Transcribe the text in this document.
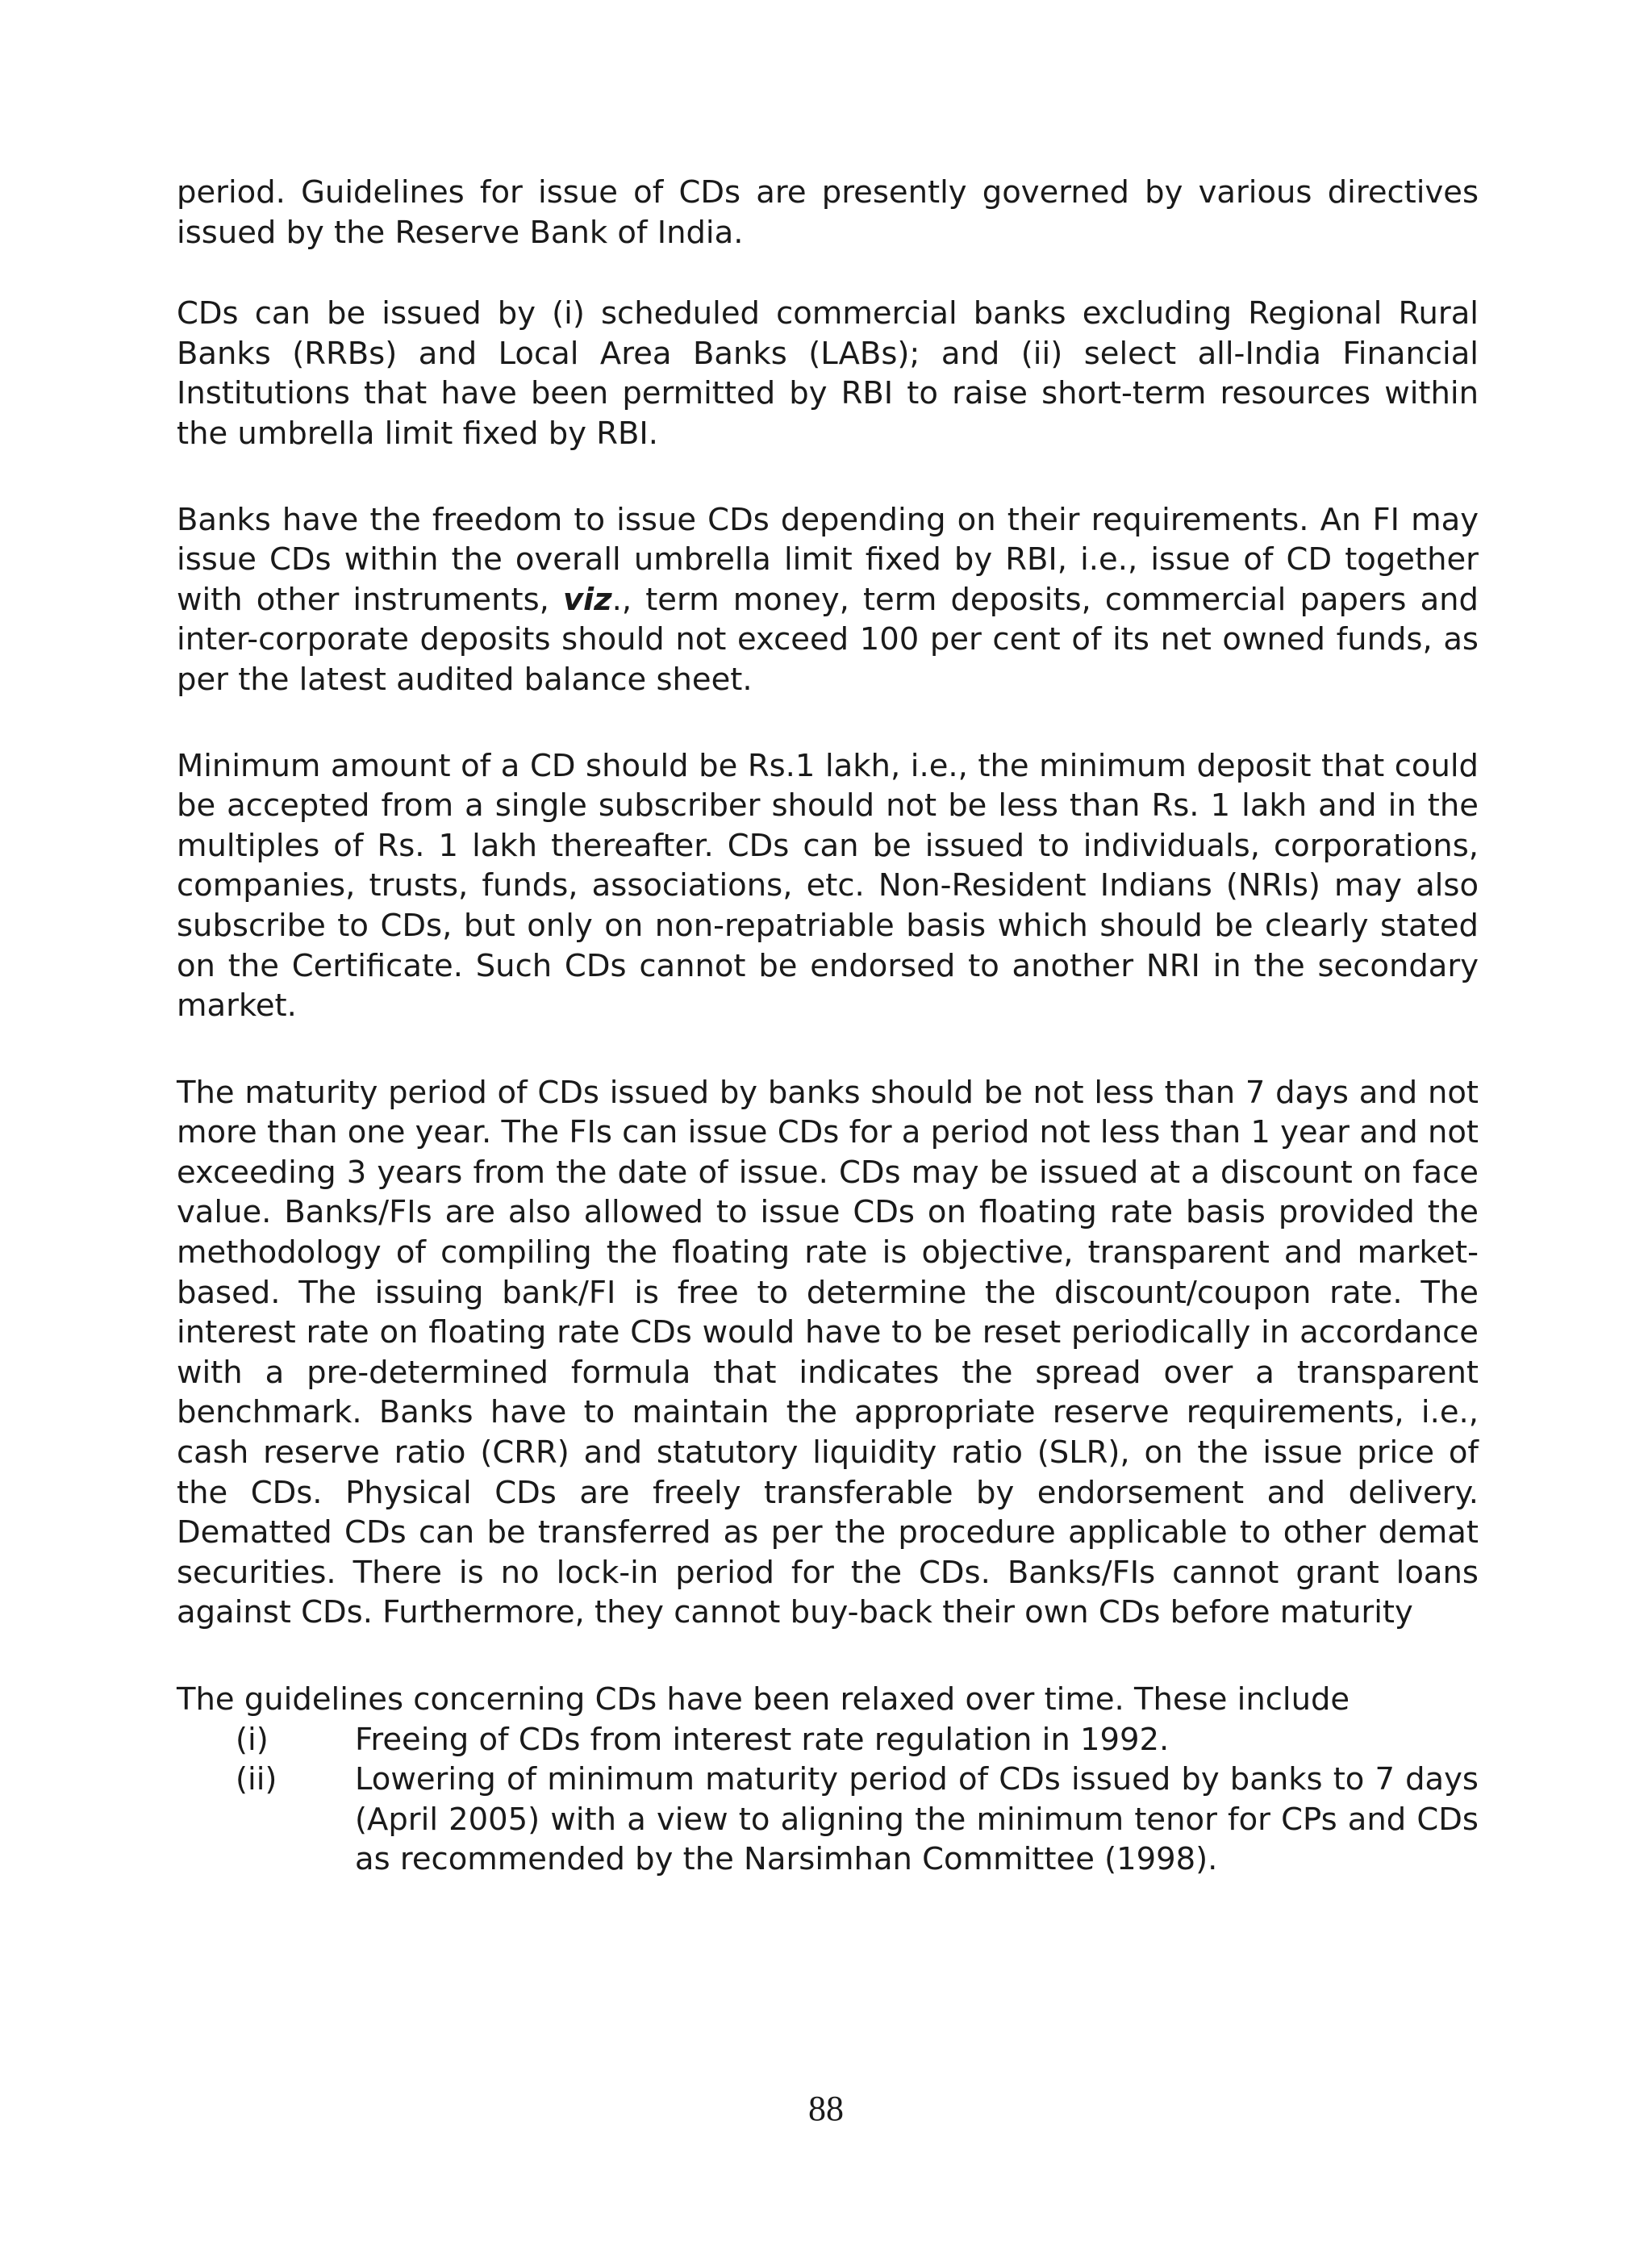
period. Guidelines for issue of CDs are presently governed by various directives issued by the Reserve Bank of India.

CDs can be issued by (i) scheduled commercial banks excluding Regional Rural Banks (RRBs) and Local Area Banks (LABs); and (ii) select all-India Financial Institutions that have been permitted by RBI to raise short-term resources within the umbrella limit fixed by RBI.

Banks have the freedom to issue CDs depending on their requirements. An FI may issue CDs within the overall umbrella limit fixed by RBI, i.e., issue of CD together with other instruments, viz., term money, term deposits, commercial papers and inter-corporate deposits should not exceed 100 per cent of its net owned funds, as per the latest audited balance sheet.

Minimum amount of a CD should be Rs.1 lakh, i.e., the minimum deposit that could be accepted from a single subscriber should not be less than Rs. 1 lakh and in the multiples of Rs. 1 lakh thereafter. CDs can be issued to individuals, corporations, companies, trusts, funds, associations, etc. Non-Resident Indians (NRIs) may also subscribe to CDs, but only on non-repatriable basis which should be clearly stated on the Certificate. Such CDs cannot be endorsed to another NRI in the secondary market.

The maturity period of CDs issued by banks should be not less than 7 days and not more than one year. The FIs can issue CDs for a period not less than 1 year and not exceeding 3 years from the date of issue. CDs may be issued at a discount on face value. Banks/FIs are also allowed to issue CDs on floating rate basis provided the methodology of compiling the floating rate is objective, transparent and market-based. The issuing bank/FI is free to determine the discount/coupon rate. The interest rate on floating rate CDs would have to be reset periodically in accordance with a pre-determined formula that indicates the spread over a transparent benchmark. Banks have to maintain the appropriate reserve requirements, i.e., cash reserve ratio (CRR) and statutory liquidity ratio (SLR), on the issue price of the CDs. Physical CDs are freely transferable by endorsement and delivery. Dematted CDs can be transferred as per the procedure applicable to other demat securities. There is no lock-in period for the CDs. Banks/FIs cannot grant loans against CDs. Furthermore, they cannot buy-back their own CDs before maturity

The guidelines concerning CDs have been relaxed over time. These include

(i)	Freeing of CDs from interest rate regulation in 1992.
(ii)	Lowering of minimum maturity period of CDs issued by banks to 7 days (April 2005) with a view to aligning the minimum tenor for CPs and CDs as recommended by the Narsimhan Committee (1998).
88
